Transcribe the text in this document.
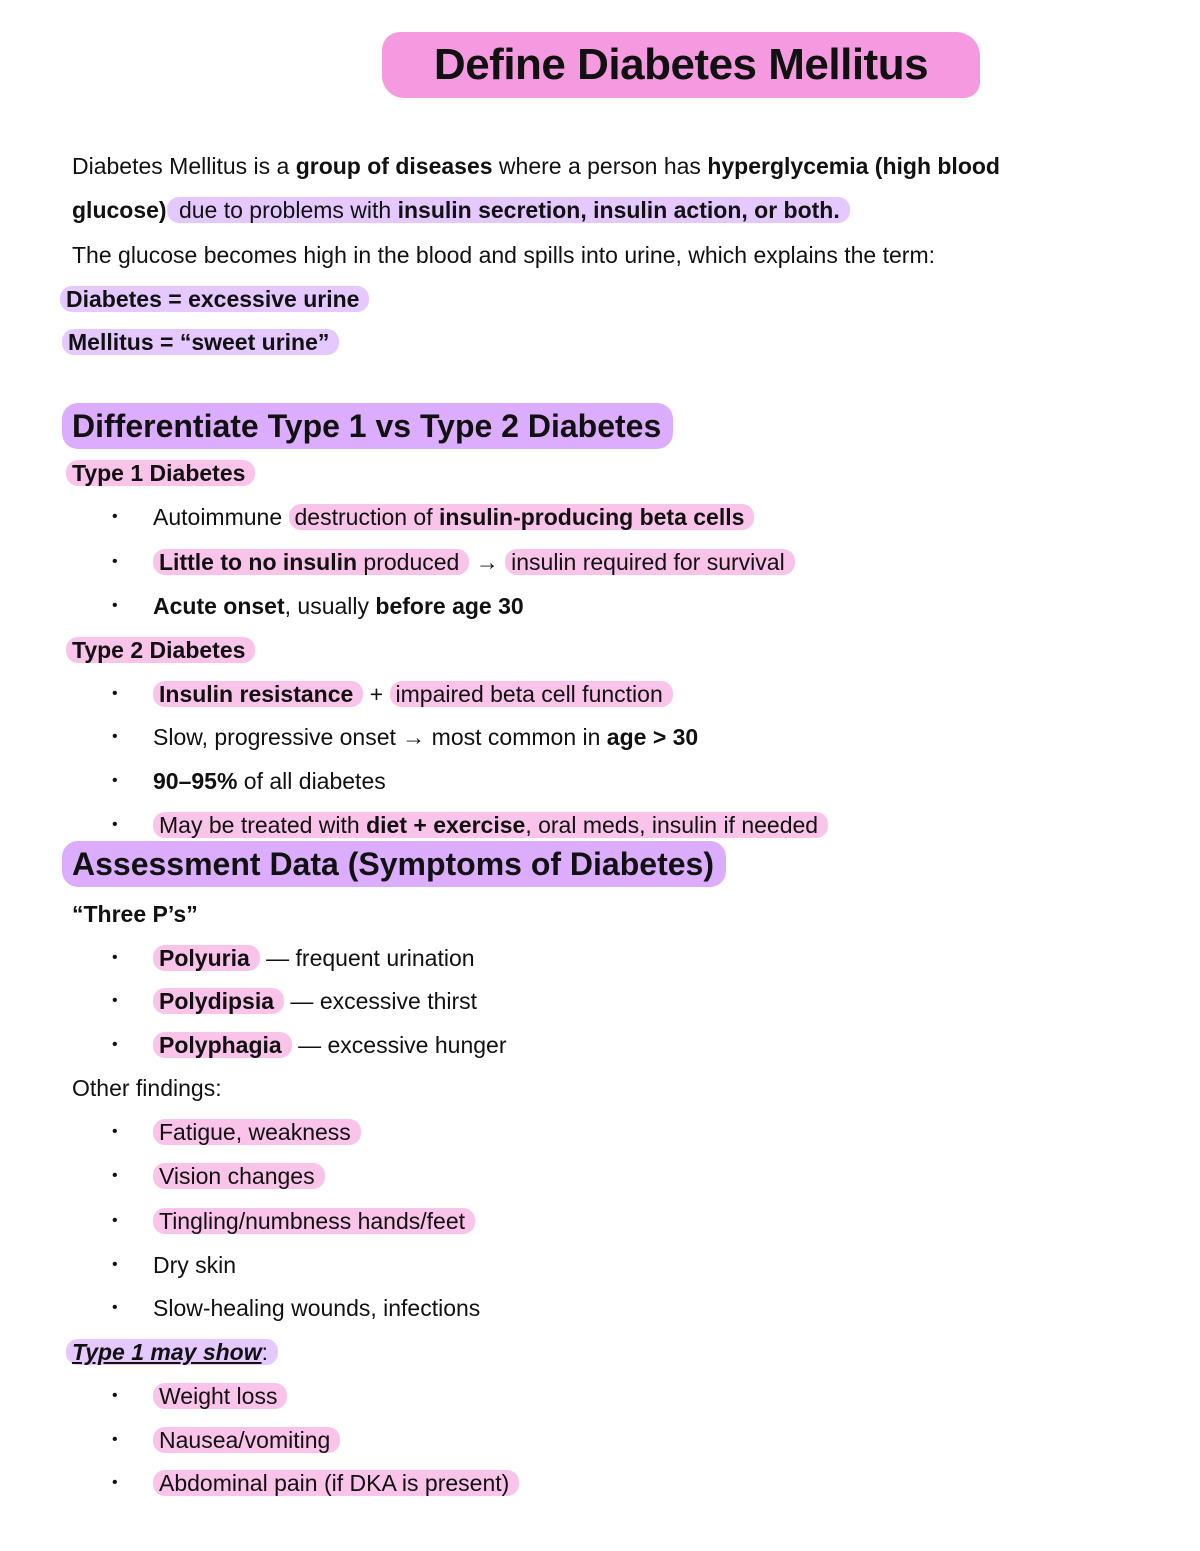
Define Diabetes Mellitus
Diabetes Mellitus is a group of diseases where a person has hyperglycemia (high blood
glucose) due to problems with insulin secretion, insulin action, or both.
The glucose becomes high in the blood and spills into urine, which explains the term:
Diabetes = excessive urine
Mellitus = “sweet urine”
Differentiate Type 1 vs Type 2 Diabetes
Type 1 Diabetes
• Autoimmune destruction of insulin-producing beta cells
• Little to no insulin produced → insulin required for survival
• Acute onset, usually before age 30
Type 2 Diabetes
• Insulin resistance + impaired beta cell function
• Slow, progressive onset → most common in age > 30
• 90–95% of all diabetes
• May be treated with diet + exercise, oral meds, insulin if needed
Assessment Data (Symptoms of Diabetes)
“Three P’s”
• Polyuria — frequent urination
• Polydipsia — excessive thirst
• Polyphagia — excessive hunger
Other findings:
• Fatigue, weakness
• Vision changes
• Tingling/numbness hands/feet
• Dry skin
• Slow-healing wounds, infections
Type 1 may show:
• Weight loss
• Nausea/vomiting
• Abdominal pain (if DKA is present)
